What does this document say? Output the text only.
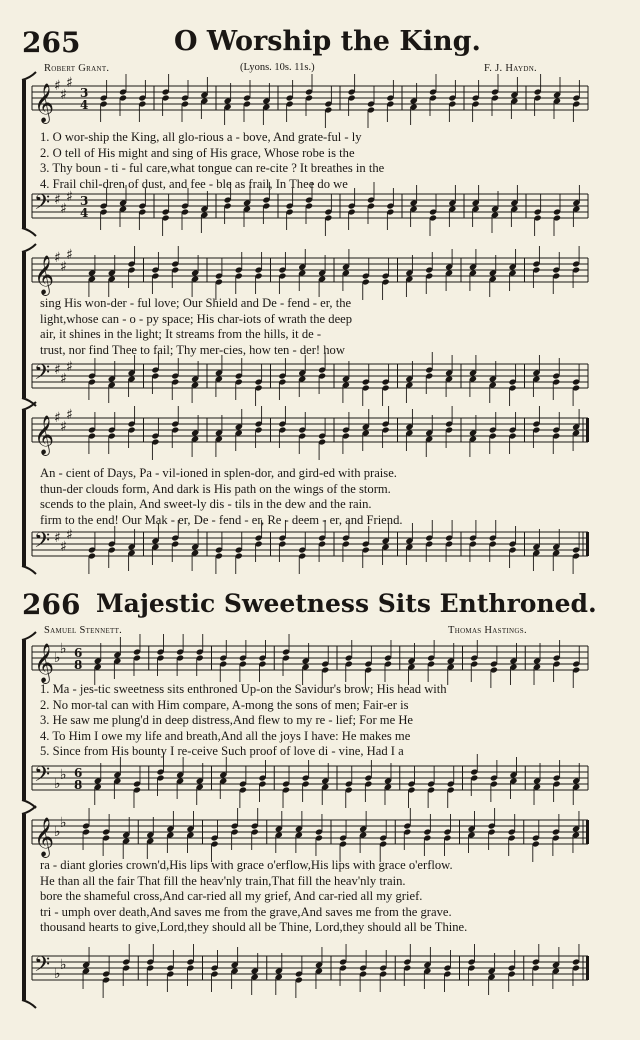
265	O Worship the King.
Robert Grant.	(Lyons. 10s. 11s.)	F. J. Haydn.
𝄞
𝄢
♯
♯
♯
♯
♯
♯
3
4
3
4
1. O wor-ship the King, all glo-rious a - bove, And grate-ful - ly
2. O tell of His might and sing of His grace, Whose robe is the
3. Thy boun - ti - ful care,what tongue can re-cite ? It breathes in the
4. Frail chil-dren of dust, and fee - ble as frail, In Thee do we
𝄞
𝄢
♯
♯
♯
♯
♯
♯
sing His won-der - ful love; Our Shield and De - fend - er, the
light,whose can - o - py space; His char-iots of wrath the deep
air, it shines in the light; It streams from the hills, it de -
trust, nor find Thee to fail; Thy mer-cies, how ten - der! how
𝄞
𝄢
♯
♯
♯
♯
♯
♯
An - cient of Days, Pa - vil-ioned in splen-dor, and gird-ed with praise.
thun-der clouds form, And dark is His path on the wings of the storm.
scends to the plain, And sweet-ly dis - tils in the dew and the rain.
firm to the end! Our Mak - er, De - fend - er, Re - deem - er, and Friend.
266 Majestic Sweetness Sits Enthroned.
Samuel Stennett.	Thomas Hastings.
𝄞
𝄢
♭
♭
♭
♭
6
8
6
8
1. Ma - jes-tic sweetness sits enthroned Up-on the Saviour's brow; His head with
2. No mor-tal can with Him compare, A-mong the sons of men; Fair-er is
3. He saw me plung'd in deep distress,And flew to my re - lief; For me He
4. To Him I owe my life and breath,And all the joys I have: He makes me
5. Since from His bounty I re-ceive Such proof of love di - vine, Had I a
𝄞
𝄢
♭
♭
♭
♭
ra - diant glories crown'd,His lips with grace o'erflow,His lips with grace o'erflow.
He than all the fair That fill the heav'nly train,That fill the heav'nly train.
bore the shameful cross,And car-ried all my grief, And car-ried all my grief.
tri - umph over death,And saves me from the grave,And saves me from the grave.
thousand hearts to give,Lord,they should all be Thine, Lord,they should all be Thine.
